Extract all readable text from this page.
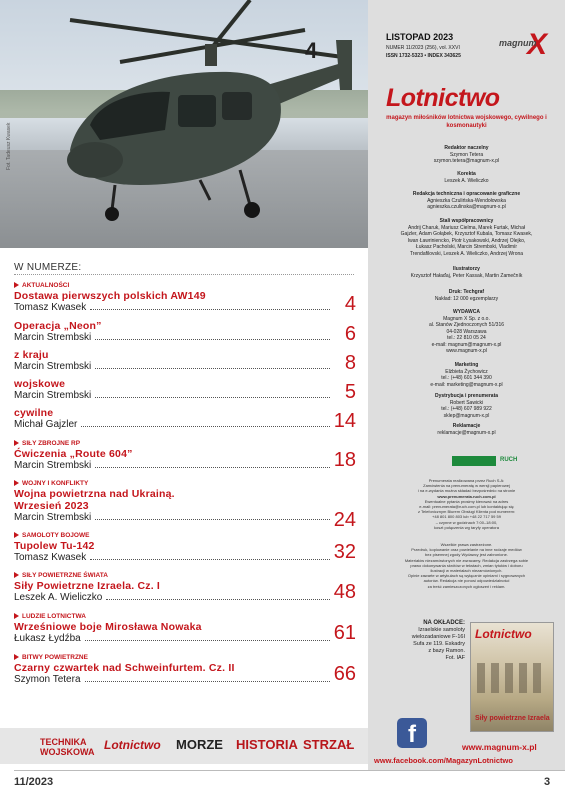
4
Fot. Tadeusz Kwasek
W NUMERZE:
AKTUALNOŚCI
Dostawa pierwszych polskich AW149
Tomasz Kwasek	4
Operacja „Neon”
Marcin Strembski	6
z kraju
Marcin Strembski	8
wojskowe
Marcin Strembski	5
cywilne
Michał Gajzler	14
SIŁY ZBROJNE RP
Ćwiczenia „Route 604”
Marcin Strembski	18
WOJNY I KONFLIKTY
Wojna powietrzna nad Ukrainą. Wrzesień 2023
Marcin Strembski	24
SAMOLOTY BOJOWE
Tupolew Tu-142
Tomasz Kwasek	32
SIŁY POWIETRZNE ŚWIATA
Siły Powietrzne Izraela. Cz. I
Leszek A. Wieliczko	48
LUDZIE LOTNICTWA
Wrześniowe boje Mirosława Nowaka
Łukasz Łydźba	61
BITWY POWIETRZNE
Czarny czwartek nad Schweinfurtem. Cz. II
Szymon Tetera	66
TECHNIKA WOJSKOWA Lotnictwo MORZE HISTORIA STRZAŁ
11/2023
LISTOPAD 2023
NUMER 11/2023 (256), vol. XXVI
ISSN 1732-5323 • INDEX 343625 X
magnum
Lotnictwo
magazyn miłośników lotnictwa wojskowego, cywilnego i kosmonautyki
Redaktor naczelny
Szymon Tetera
szymon.tetera@magnum-x.pl
Korekta
Leszek A. Wieliczko
Redakcja techniczna i opracowanie graficzne
Agnieszka Czulińska-Wendołowska
agnieszka.czulinska@magnum-x.pl
Stali współpracownicy
Andrij Charuk, Mariusz Cielma, Marek Furtak, Michał
Gajzler, Adam Gołąbek, Krzysztof Kubala, Tomasz Kwasek,
Iwan Ławriniencko, Piotr Łysakowski, Andrzej Olejko,
Łukasz Pacholski, Marcin Strembski, Vladimír
Trendafilovski, Leszek A. Wieliczko, Andrzej Wrona
Ilustratorzy
Krzysztof Hałaďaj, Peter Kassak, Martin Zamečník
Druk: Techgraf
Nakład: 12 000 egzemplarzy
WYDAWCA
Magnum X Sp. z o.o.
al. Stanów Zjednoczonych 51/316
04-028 Warszawa
tel.: 22 810 05 24
e-mail: magnum@magnum-x.pl
www.magnum-x.pl
Marketing
Elżbieta Żychowicz
tel.: (+48) 601 344 390
e-mail: marketing@magnum-x.pl
Dystrybucja i prenumerata
Robert Sawicki
tel.: (+48) 607 989 922
sklep@magnum-x.pl
Reklamacje
reklamacje@magnum-x.pl
RUCH
Prenumerata realizowana przez Ruch S.A:
Zamówienia na prenumeratę w wersji papierowej
i na e-wydania można składać bezpośrednio na stronie
www.prenumerata.ruch.com.pl
Ewentualne pytania prosimy kierować na adres
e-mail: prenumerata@ruch.com.pl lub kontaktując się
z Telefonicznym Biurem Obsługi Klienta pod numerem:
+48 801 800 803 lub +48 22 717 59 59
– czynne w godzinach 7:00–18:00,
koszt połączenia wg taryfy operatora
Wszelkie prawa zastrzeżone.
Przedruk, kopiowanie oraz powielanie na inne rodzaje mediów
bez pisemnej zgody Wydawcy jest zabronione.
Materiałów niezamówionych nie zwracamy. Redakcja zastrzega sobie
prawo dokonywania skrótów w tekstach, zmian tytułów i doboru
ilustracji w materiałach niezamówionych.
Opinie zawarte w artykułach są wyłącznie opiniami i sygnowanych
autorów. Redakcja nie ponosi odpowiedzialności
za treść zamieszczonych ogłoszeń i reklam.
NA OKŁADCE:
Izraelskie samoloty
wielozadaniowe F-16I
Sufa ze 119. Eskadry
z bazy Ramon.
Fot. IAF
Lotnictwo
Siły powietrzne Izraela
f	www.magnum-x.pl
www.facebook.com/MagazynLotnictwo
3
